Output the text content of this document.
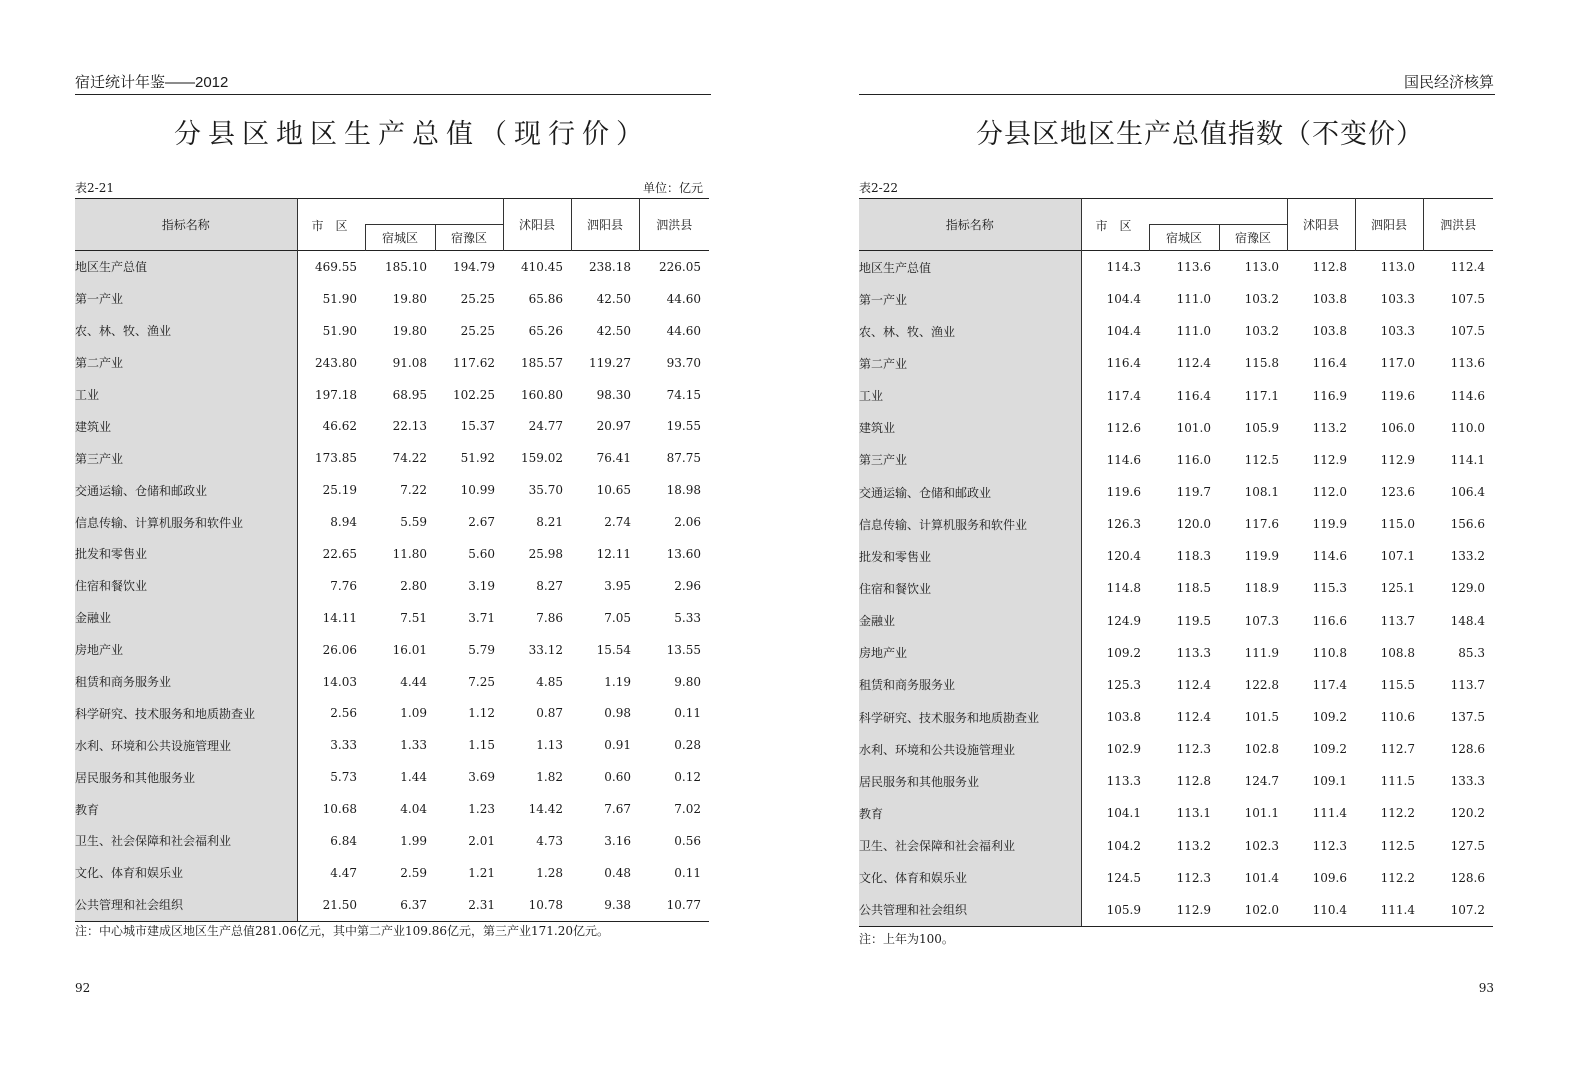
宿迁统计年鉴——2012
分县区地区生产总值（现行价）
表2-21	单位：亿元
指标名称	市　区			沭阳县	泗阳县	泗洪县
		宿城区	宿豫区			
地区生产总值	469.55	185.10	194.79	410.45	238.18	226.05
第一产业	51.90	19.80	25.25	65.86	42.50	44.60
农、林、牧、渔业	51.90	19.80	25.25	65.26	42.50	44.60
第二产业	243.80	91.08	117.62	185.57	119.27	93.70
工业	197.18	68.95	102.25	160.80	98.30	74.15
建筑业	46.62	22.13	15.37	24.77	20.97	19.55
第三产业	173.85	74.22	51.92	159.02	76.41	87.75
交通运输、仓储和邮政业	25.19	7.22	10.99	35.70	10.65	18.98
信息传输、计算机服务和软件业	8.94	5.59	2.67	8.21	2.74	2.06
批发和零售业	22.65	11.80	5.60	25.98	12.11	13.60
住宿和餐饮业	7.76	2.80	3.19	8.27	3.95	2.96
金融业	14.11	7.51	3.71	7.86	7.05	5.33
房地产业	26.06	16.01	5.79	33.12	15.54	13.55
租赁和商务服务业	14.03	4.44	7.25	4.85	1.19	9.80
科学研究、技术服务和地质勘查业	2.56	1.09	1.12	0.87	0.98	0.11
水利、环境和公共设施管理业	3.33	1.33	1.15	1.13	0.91	0.28
居民服务和其他服务业	5.73	1.44	3.69	1.82	0.60	0.12
教育	10.68	4.04	1.23	14.42	7.67	7.02
卫生、社会保障和社会福利业	6.84	1.99	2.01	4.73	3.16	0.56
文化、体育和娱乐业	4.47	2.59	1.21	1.28	0.48	0.11
公共管理和社会组织	21.50	6.37	2.31	10.78	9.38	10.77
注：中心城市建成区地区生产总值281.06亿元，其中第二产业109.86亿元，第三产业171.20亿元。
92
国民经济核算
分县区地区生产总值指数（不变价）
表2-22
指标名称	市　区			沭阳县	泗阳县	泗洪县
		宿城区	宿豫区			
地区生产总值	114.3	113.6	113.0	112.8	113.0	112.4
第一产业	104.4	111.0	103.2	103.8	103.3	107.5
农、林、牧、渔业	104.4	111.0	103.2	103.8	103.3	107.5
第二产业	116.4	112.4	115.8	116.4	117.0	113.6
工业	117.4	116.4	117.1	116.9	119.6	114.6
建筑业	112.6	101.0	105.9	113.2	106.0	110.0
第三产业	114.6	116.0	112.5	112.9	112.9	114.1
交通运输、仓储和邮政业	119.6	119.7	108.1	112.0	123.6	106.4
信息传输、计算机服务和软件业	126.3	120.0	117.6	119.9	115.0	156.6
批发和零售业	120.4	118.3	119.9	114.6	107.1	133.2
住宿和餐饮业	114.8	118.5	118.9	115.3	125.1	129.0
金融业	124.9	119.5	107.3	116.6	113.7	148.4
房地产业	109.2	113.3	111.9	110.8	108.8	85.3
租赁和商务服务业	125.3	112.4	122.8	117.4	115.5	113.7
科学研究、技术服务和地质勘查业	103.8	112.4	101.5	109.2	110.6	137.5
水利、环境和公共设施管理业	102.9	112.3	102.8	109.2	112.7	128.6
居民服务和其他服务业	113.3	112.8	124.7	109.1	111.5	133.3
教育	104.1	113.1	101.1	111.4	112.2	120.2
卫生、社会保障和社会福利业	104.2	113.2	102.3	112.3	112.5	127.5
文化、体育和娱乐业	124.5	112.3	101.4	109.6	112.2	128.6
公共管理和社会组织	105.9	112.9	102.0	110.4	111.4	107.2
注：上年为100。
93
